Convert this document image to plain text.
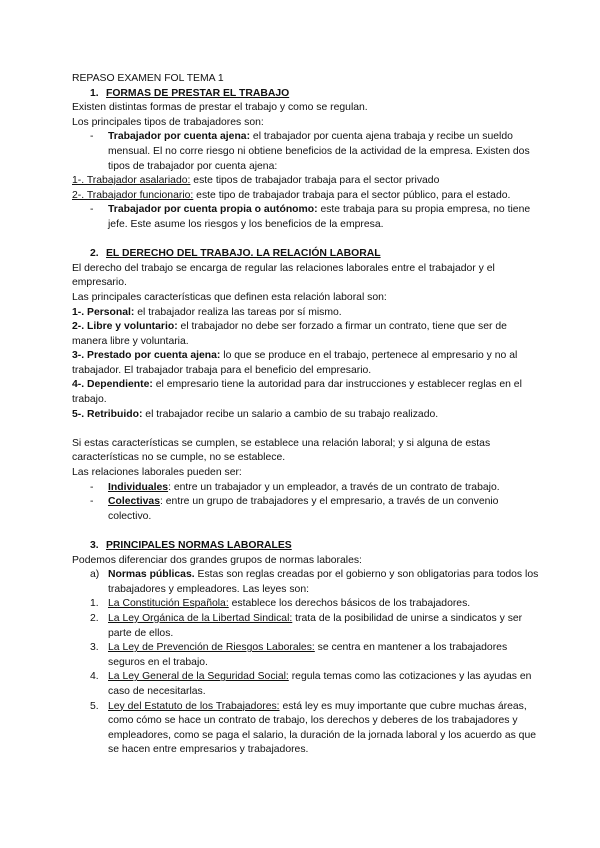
REPASO EXAMEN FOL TEMA 1

1. FORMAS DE PRESTAR EL TRABAJO

Existen distintas formas de prestar el trabajo y como se regulan.

Los principales tipos de trabajadores son:

- Trabajador por cuenta ajena: el trabajador por cuenta ajena trabaja y recibe un sueldo mensual. El no corre riesgo ni obtiene beneficios de la actividad de la empresa. Existen dos tipos de trabajador por cuenta ajena:

1-. Trabajador asalariado: este tipos de trabajador trabaja para el sector privado

2-. Trabajador funcionario: este tipo de trabajador trabaja para el sector público, para el estado.

- Trabajador por cuenta propia o autónomo: este trabaja para su propia empresa, no tiene jefe. Este asume los riesgos y los beneficios de la empresa.

2. EL DERECHO DEL TRABAJO. LA RELACIÓN LABORAL

El derecho del trabajo se encarga de regular las relaciones laborales entre el trabajador y el empresario.

Las principales características que definen esta relación laboral son:

1-. Personal: el trabajador realiza las tareas por sí mismo.

2-. Libre y voluntario: el trabajador no debe ser forzado a firmar un contrato, tiene que ser de manera libre y voluntaria.

3-. Prestado por cuenta ajena: lo que se produce en el trabajo, pertenece al empresario y no al trabajador. El trabajador trabaja para el beneficio del empresario.

4-. Dependiente: el empresario tiene la autoridad para dar instrucciones y establecer reglas en el trabajo.

5-. Retribuido: el trabajador recibe un salario a cambio de su trabajo realizado.

Si estas características se cumplen, se establece una relación laboral; y si alguna de estas características no se cumple, no se establece.

Las relaciones laborales pueden ser:

- Individuales: entre un trabajador y un empleador, a través de un contrato de trabajo.

- Colectivas: entre un grupo de trabajadores y el empresario, a través de un convenio colectivo.

3. PRINCIPALES NORMAS LABORALES

Podemos diferenciar dos grandes grupos de normas laborales:

a) Normas públicas. Estas son reglas creadas por el gobierno y son obligatorias para todos los trabajadores y empleadores. Las leyes son:

1. La Constitución Española: establece los derechos básicos de los trabajadores.

2. La Ley Orgánica de la Libertad Sindical: trata de la posibilidad de unirse a sindicatos y ser parte de ellos.

3. La Ley de Prevención de Riesgos Laborales: se centra en mantener a los trabajadores seguros en el trabajo.

4. La Ley General de la Seguridad Social: regula temas como las cotizaciones y las ayudas en caso de necesitarlas.

5. Ley del Estatuto de los Trabajadores: está ley es muy importante que cubre muchas áreas, como cómo se hace un contrato de trabajo, los derechos y deberes de los trabajadores y empleadores, como se paga el salario, la duración de la jornada laboral y los acuerdo as que se hacen entre empresarios y trabajadores.
